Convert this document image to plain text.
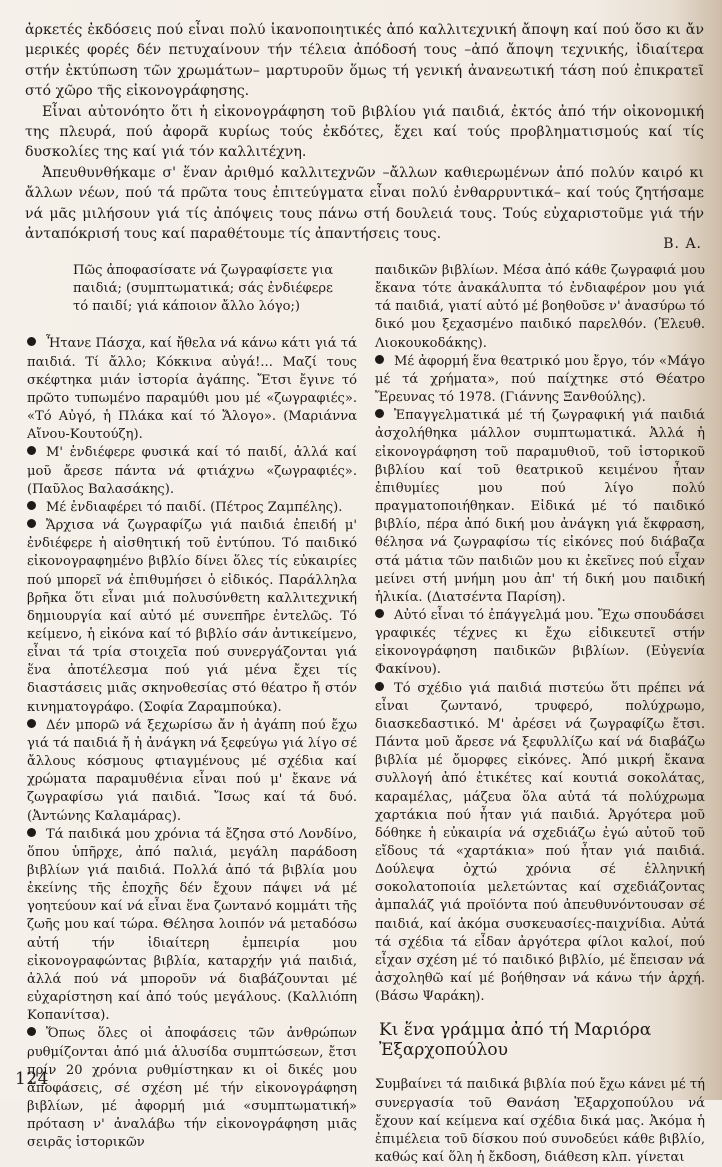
ἀρκετές ἐκδόσεις πού εἶναι πολύ ἱκανοποιητικές ἀπό καλλιτεχνική ἄποψη καί πού ὅσο κι ἄν μερικές φορές δέν πετυχαίνουν τήν τέλεια ἀπόδοσή τους –ἀπό ἄποψη τεχνικής, ἰδιαίτερα στήν ἐκτύπωση τῶν χρωμάτων– μαρτυροῦν ὅμως τή γενική ἀνανεωτική τάση πού ἐπικρατεῖ στό χῶρο τῆς εἰκονογράφησης.

Εἶναι αὐτονόητο ὅτι ἡ εἰκονογράφηση τοῦ βιβλίου γιά παιδιά, ἐκτός ἀπό τήν οἰκονομική της πλευρά, πού ἀφορᾶ κυρίως τούς ἐκδότες, ἔχει καί τούς προβληματισμούς καί τίς δυσκολίες της καί γιά τόν καλλιτέχνη.

Ἀπευθυνθήκαμε σ' ἕναν ἀριθμό καλλιτεχνῶν –ἄλλων καθιερωμένων ἀπό πολύν καιρό κι ἄλλων νέων, πού τά πρῶτα τους ἐπιτεύγματα εἶναι πολύ ἐνθαρρυντικά– καί τούς ζητήσαμε νά μᾶς μιλήσουν γιά τίς ἀπόψεις τους πάνω στή δουλειά τους. Τούς εὐχαριστοῦμε γιά τήν ἀνταπόκρισή τους καί παραθέτουμε τίς ἀπαντήσεις τους.

Β. Α.

Πῶς ἀποφασίσατε νά ζωγραφίσετε για παιδιά; (συμπτωματικά; σάς ἐνδιέφερε τό παιδί; γιά κάποιον ἄλλο λόγο;)

Ἦτανε Πάσχα, καί ἤθελα νά κάνω κάτι γιά τά παιδιά. Τί ἄλλο; Κόκκινα αὐγά!... Μαζί τους σκέφτηκα μιάν ἱστορία ἀγάπης. Ἔτσι ἔγινε τό πρῶτο τυπωμένο παραμύθι μου μέ «ζωγραφιές». «Τό Αὐγό, ἡ Πλάκα καί τό Ἄλογο». (Μαριάννα Αἴνου-Κουτούζη).

Μ' ἐνδιέφερε φυσικά καί τό παιδί, ἀλλά καί μοῦ ἄρεσε πάντα νά φτιάχνω «ζωγραφιές». (Παῦλος Βαλασάκης).

Μέ ἐνδιαφέρει τό παιδί. (Πέτρος Ζαμπέλης).

Ἄρχισα νά ζωγραφίζω γιά παιδιά ἐπειδή μ' ἐνδιέφερε ἡ αἰσθητική τοῦ ἐντύπου. Τό παιδικό εἰκονογραφημένο βιβλίο δίνει ὅλες τίς εὐκαιρίες πού μπορεῖ νά ἐπιθυμήσει ὁ εἰδικός. Παράλληλα βρῆκα ὅτι εἶναι μιά πολυσύνθετη καλλιτεχνική δημιουργία καί αὐτό μέ συνεπῆρε ἐντελῶς. Τό κείμενο, ἡ εἰκόνα καί τό βιβλίο σάν ἀντικείμενο, εἶναι τά τρία στοιχεῖα πού συνεργάζονται γιά ἕνα ἀποτέλεσμα πού γιά μένα ἔχει τίς διαστάσεις μιᾶς σκηνοθεσίας στό θέατρο ἤ στόν κινηματογράφο. (Σοφία Ζαραμπούκα).

Δέν μπορῶ νά ξεχωρίσω ἄν ἡ ἀγάπη πού ἔχω γιά τά παιδιά ἤ ἡ ἀνάγκη νά ξεφεύγω γιά λίγο σέ ἄλλους κόσμους φτιαγμένους μέ σχέδια καί χρώματα παραμυθένια εἶναι πού μ' ἔκανε νά ζωγραφίσω γιά παιδιά. Ἴσως καί τά δυό. (Ἀντώνης Καλαμάρας).

Τά παιδικά μου χρόνια τά ἔζησα στό Λονδίνο, ὅπου ὑπῆρχε, ἀπό παλιά, μεγάλη παράδοση βιβλίων γιά παιδιά. Πολλά ἀπό τά βιβλία μου ἐκείνης τῆς ἐποχῆς δέν ἔχουν πάψει νά μέ γοητεύουν καί νά εἶναι ἕνα ζωντανό κομμάτι τῆς ζωῆς μου καί τώρα. Θέλησα λοιπόν νά μεταδόσω αὐτή τήν ἰδιαίτερη ἐμπειρία μου εἰκονογραφώντας βιβλία, καταρχήν γιά παιδιά, ἀλλά πού νά μποροῦν νά διαβάζουνται μέ εὐχαρίστηση καί ἀπό τούς μεγάλους. (Καλλιόπη Κοπανίτσα).

Ὅπως ὅλες οἱ ἀποφάσεις τῶν ἀνθρώπων ρυθμίζονται ἀπό μιά ἁλυσίδα συμπτώσεων, ἔτσι πρίν 20 χρόνια ρυθμίστηκαν κι οἱ δικές μου ἀποφάσεις, σέ σχέση μέ τήν εἰκονογράφηση βιβλίων, μέ ἀφορμή μιά «συμπτωματική» πρόταση ν' ἀναλάβω τήν εἰκονογράφηση μιᾶς σειρᾶς ἱστορικῶν

παιδικῶν βιβλίων. Μέσα ἀπό κάθε ζωγραφιά μου ἔκανα τότε ἀνακάλυπτα τό ἐνδιαφέρον μου γιά τά παιδιά, γιατί αὐτό μέ βοηθοῦσε ν' ἀνασύρω τό δικό μου ξεχασμένο παιδικό παρελθόν. (Ἐλευθ. Λιοκουκοδάκης).

Μέ ἀφορμή ἕνα θεατρικό μου ἔργο, τόν «Μάγο μέ τά χρήματα», πού παίχτηκε στό Θέατρο Ἔρευνας τό 1978. (Γιάννης Ξανθούλης).

Ἐπαγγελματικά μέ τή ζωγραφική γιά παιδιά ἀσχολήθηκα μάλλον συμπτωματικά. Ἀλλά ἡ εἰκονογράφηση τοῦ παραμυθιοῦ, τοῦ ἱστορικοῦ βιβλίου καί τοῦ θεατρικοῦ κειμένου ἦταν ἐπιθυμίες μου πού λίγο πολύ πραγματοποιήθηκαν. Εἰδικά μέ τό παιδικό βιβλίο, πέρα ἀπό δική μου ἀνάγκη γιά ἔκφραση, θέλησα νά ζωγραφίσω τίς εἰκόνες πού διάβαζα στά μάτια τῶν παιδιῶν μου κι ἐκεῖνες πού εἶχαν μείνει στή μνήμη μου ἀπ' τή δική μου παιδική ἡλικία. (Διατσέντα Παρίση).

Αὐτό εἶναι τό ἐπάγγελμά μου. Ἔχω σπουδάσει γραφικές τέχνες κι ἔχω εἰδικευτεῖ στήν εἰκονογράφηση παιδικῶν βιβλίων. (Εὐγενία Φακίνου).

Τό σχέδιο γιά παιδιά πιστεύω ὅτι πρέπει νά εἶναι ζωντανό, τρυφερό, πολύχρωμο, διασκεδαστικό. Μ' ἀρέσει νά ζωγραφίζω ἔτσι. Πάντα μοῦ ἄρεσε νά ξεφυλλίζω καί νά διαβάζω βιβλία μέ ὄμορφες εἰκόνες. Ἀπό μικρή ἔκανα συλλογή ἀπό ἐτικέτες καί κουτιά σοκολάτας, καραμέλας, μάζευα ὅλα αὐτά τά πολύχρωμα χαρτάκια πού ἦταν γιά παιδιά. Ἀργότερα μοῦ δόθηκε ἡ εὐκαιρία νά σχεδιάζω ἐγώ αὐτοῦ τοῦ εἴδους τά «χαρτάκια» πού ἦταν γιά παιδιά. Δούλεψα ὀχτώ χρόνια σέ ἑλληνική σοκολατοποιία μελετώντας καί σχεδιάζοντας ἀμπαλάζ γιά προϊόντα πού ἀπευθυνόντουσαν σέ παιδιά, καί ἀκόμα συσκευασίες-παιχνίδια. Αὐτά τά σχέδια τά εἶδαν ἀργότερα φίλοι καλοί, πού εἶχαν σχέση μέ τό παιδικό βιβλίο, μέ ἔπεισαν νά ἀσχοληθῶ καί μέ βοήθησαν νά κάνω τήν ἀρχή. (Βάσω Ψαράκη).

Κι ἕνα γράμμα ἀπό τή Μαριόρα Ἐξαρχοπούλου

Συμβαίνει τά παιδικά βιβλία πού ἔχω κάνει μέ τή συνεργασία τοῦ Θανάση Ἐξαρχοπούλου νά ἔχουν καί κείμενα καί σχέδια δικά μας. Ἀκόμα ἡ ἐπιμέλεια τοῦ δίσκου πού συνοδεύει κάθε βιβλίο, καθώς καί ὅλη ἡ ἔκδοση, διάθεση κλπ. γίνεται

124
